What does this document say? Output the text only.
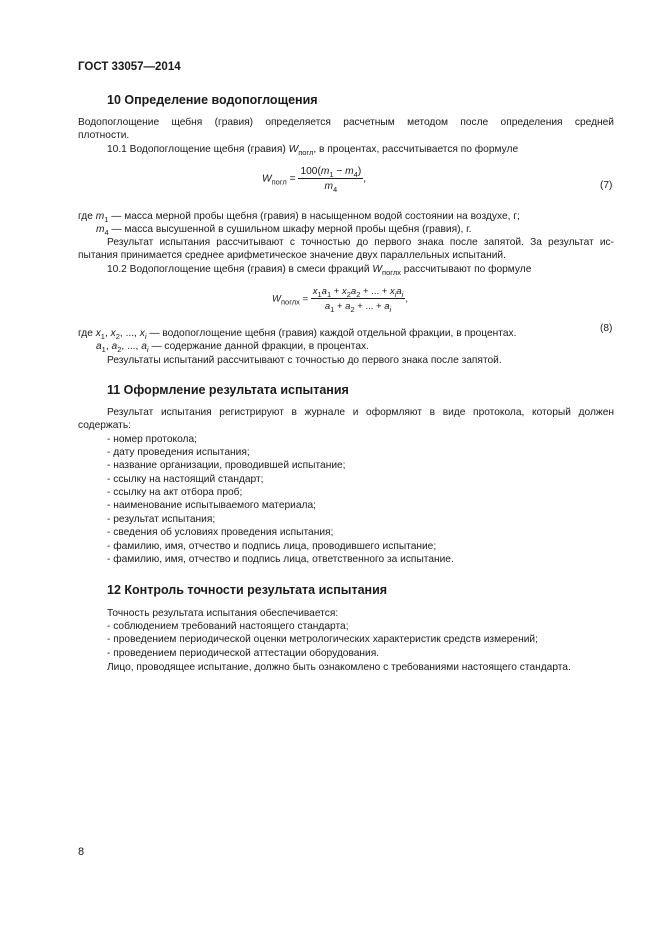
ГОСТ 33057—2014
10 Определение водопоглощения
Водопоглощение щебня (гравия) определяется расчетным методом после определения средней
плотности.
10.1 Водопоглощение щебня (гравия) $W_{погл}$, в процентах, рассчитывается по формуле
$W_{погл} = \frac{100(m_1 - m_4)}{m_4}$ ,
(7)
где $m_1$ — масса мерной пробы щебня (гравия) в насыщенном водой состоянии на воздухе, г;
$m_4$ — масса высушенной в сушильном шкафу мерной пробы щебня (гравия), г.
Результат испытания рассчитывают с точностью до первого знака после запятой. За результат ис-
пытания принимается среднее арифметическое значение двух параллельных испытаний.
10.2 Водопоглощение щебня (гравия) в смеси фракций $W_{поглх}$ рассчитывают по формуле
$W_{поглх} = \frac{x_1a_1 + x_2a_2 + ... + x_ia_i}{a_1 + a_2 + ... + a_i}$ ,
(8)
где $x_1$, $x_2$, ..., $x_i$ — водопоглощение щебня (гравия) каждой отдельной фракции, в процентах.
$a_1$, $a_2$, ..., $a_i$ — содержание данной фракции, в процентах.
Результаты испытаний рассчитывают с точностью до первого знака после запятой.
11 Оформление результата испытания
Результат испытания регистрируют в журнале и оформляют в виде протокола, который должен
содержать:
- номер протокола;
- дату проведения испытания;
- название организации, проводившей испытание;
- ссылку на настоящий стандарт;
- ссылку на акт отбора проб;
- наименование испытываемого материала;
- результат испытания;
- сведения об условиях проведения испытания;
- фамилию, имя, отчество и подпись лица, проводившего испытание;
- фамилию, имя, отчество и подпись лица, ответственного за испытание.
12 Контроль точности результата испытания
Точность результата испытания обеспечивается:
- соблюдением требований настоящего стандарта;
- проведением периодической оценки метрологических характеристик средств измерений;
- проведением периодической аттестации оборудования.
Лицо, проводящее испытание, должно быть ознакомлено с требованиями настоящего стандарта.
8
